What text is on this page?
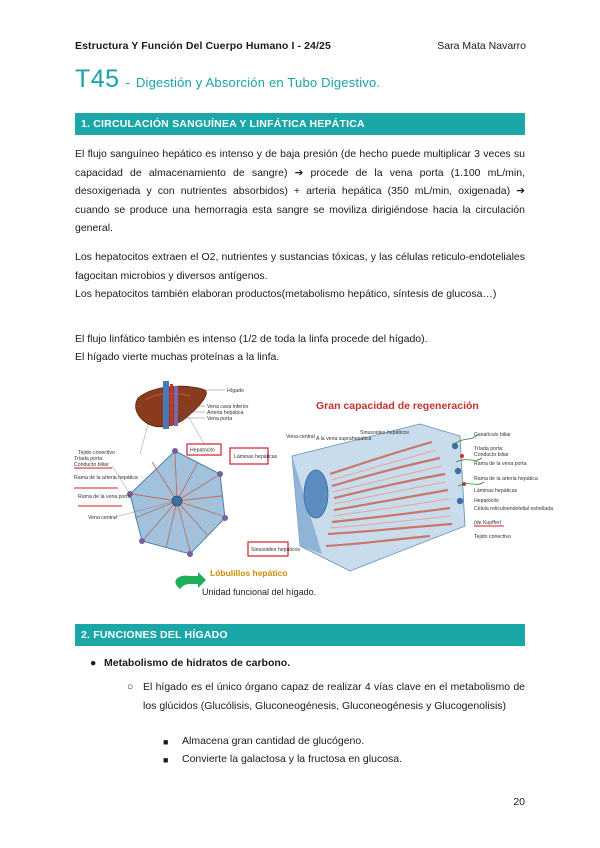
Estructura Y Función Del Cuerpo Humano I - 24/25	Sara Mata Navarro
T45 - Digestión y Absorción en Tubo Digestivo.
1. CIRCULACIÓN SANGUÍNEA Y LINFÁTICA HEPÁTICA

El flujo sanguíneo hepático es intenso y de baja presión (de hecho puede multiplicar 3 veces su capacidad de almacenamiento de sangre) ➔ procede de la vena porta (1.100 mL/min, desoxigenada y con nutrientes absorbidos) + arteria hepática (350 mL/min, oxigenada) ➔ cuando se produce una hemorragia esta sangre se moviliza dirigiéndose hacia la circulación general.

Los hepatocitos extraen el O2, nutrientes y sustancias tóxicas, y las células reticulo-endoteliales fagocitan microbios y diversos antígenos.

Los hepatocitos también elaboran productos(metabolismo hepático, síntesis de glucosa…)

El flujo linfático también es intenso (1/2 de toda la linfa procede del hígado).

El hígado vierte muchas proteínas a la linfa.

Hígado
Vena cava inferior
Arteria hepática
Vena porta
Tejido conectivo
Tríada porta:
Conducto biliar
Rama de la arteria hepática
Rama de la vena porta
Vena central
Hepatocito
Láminas hepáticas
Sinusoides hepáticos
Vena central A la vena suprahepática
Sinusoides hepáticos	Canalículo biliar
Tríada porta:
Conducto biliar
Rama de la vena porta
Rama de la arteria hepática
Láminas hepáticas
Hepatocito
Célula reticuloendotelial estrellada
(de Kupffer)
Tejido conectivo
Gran capacidad de regeneración
Lóbulillos hepático
Unidad funcional del hígado.
2. FUNCIONES DEL HÍGADO
● Metabolismo de hidratos de carbono.
○ El hígado es el único órgano capaz de realizar 4 vías clave en el metabolismo de los glúcidos (Glucólisis, Gluconeogénesis, Gluconeogénesis y Glucogenolisis)

■ Almacena gran cantidad de glucógeno.
■ Convierte la galactosa y la fructosa en glucosa.
20
